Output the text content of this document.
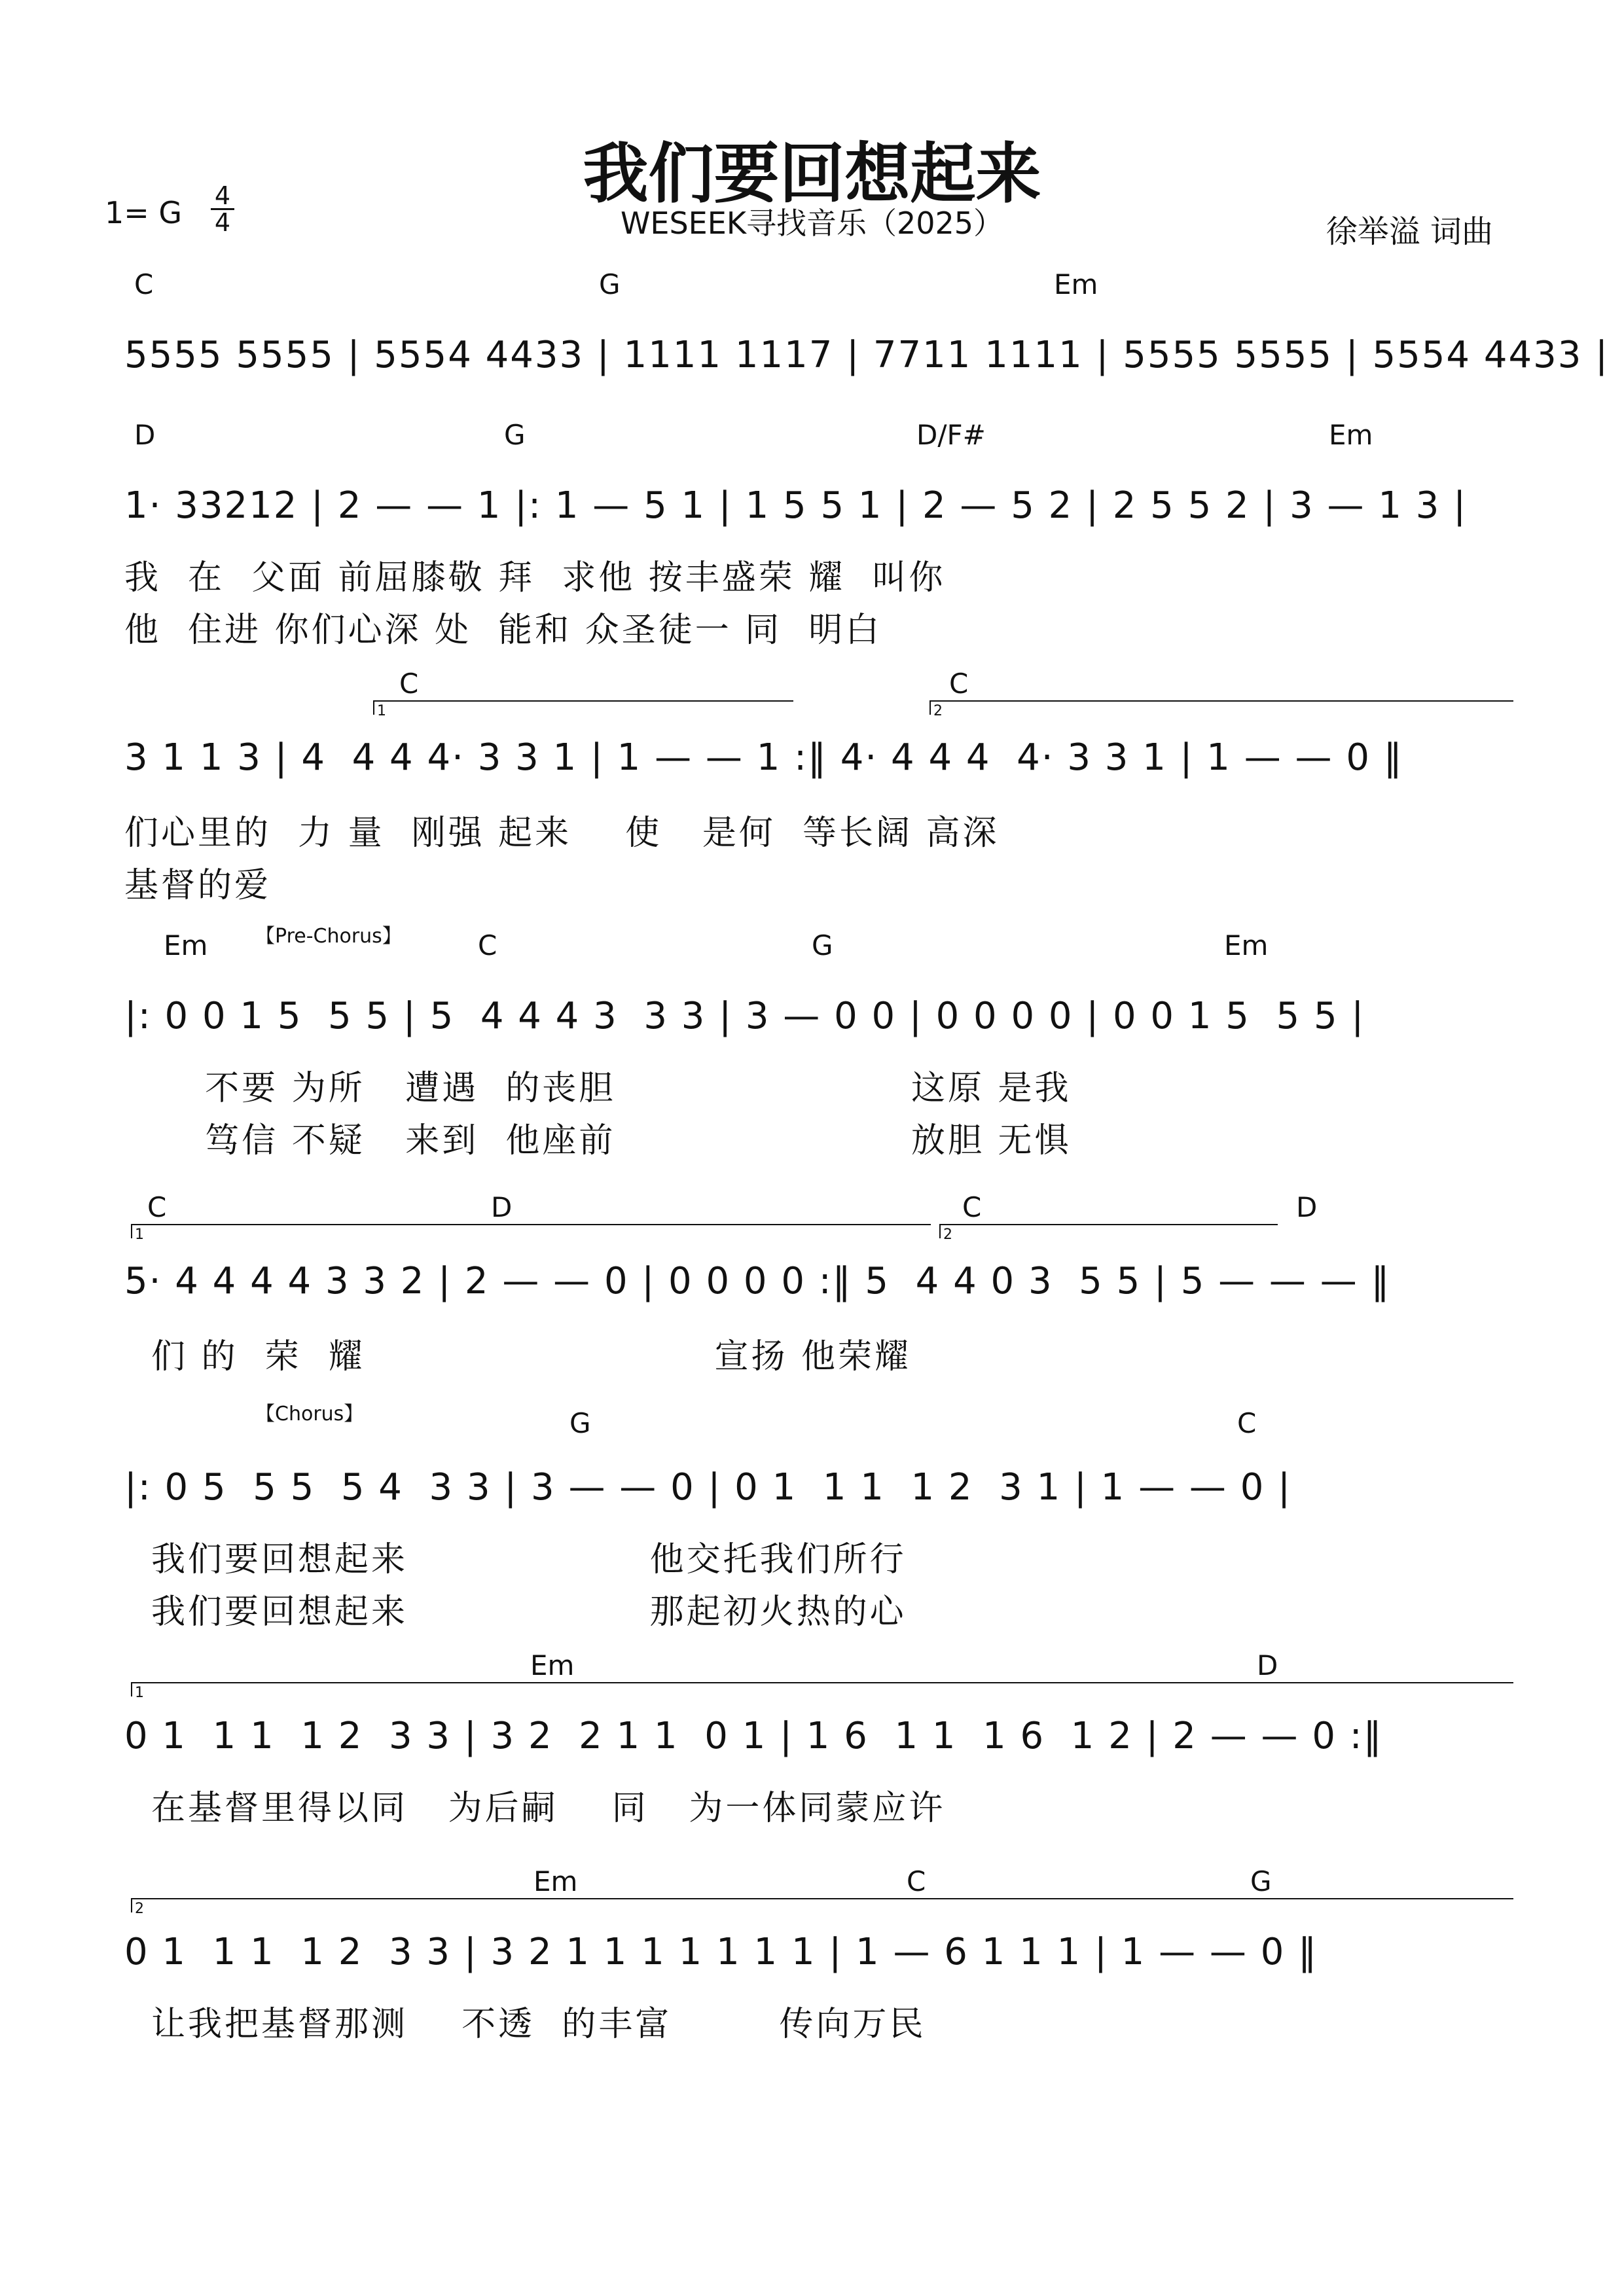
我们要回想起来
WESEEK寻找音乐（2025）
1= G 4
4	徐举溢 词曲
C	G	Em
5555 5555 | 5554 4433 | 1111 1117 | 7711 1111 | 5555 5555 | 5554 4433 |
D	G	D/F#	Em
1· 33212 | 2 — — 1 |: 1 — 5 1 | 1 5 5 1 | 2 — 5 2 | 2 5 5 2 | 3 — 1 3 |
我  在  父面 前屈膝敬 拜  求他 按丰盛荣 耀  叫你
他  住进 你们心深 处  能和 众圣徒一 同  明白
C	C
1	2
3 1 1 3 | 4  4 4 4· 3 3 1 | 1 — — 1 :‖ 4· 4 4 4  4· 3 3 1 | 1 — — 0 ‖
们心里的  力 量  刚强 起来    使   是何  等长阔 高深
基督的爱
【Pre-Chorus】
Em	C	G	Em
|: 0 0 1 5  5 5 | 5  4 4 4 3  3 3 | 3 — 0 0 | 0 0 0 0 | 0 0 1 5  5 5 |
不要 为所   遭遇  的丧胆                      这原 是我
笃信 不疑   来到  他座前                      放胆 无惧
C	D	C	D
1	2
5· 4 4 4 4 3 3 2 | 2 — — 0 | 0 0 0 0 :‖ 5  4 4 0 3  5 5 | 5 — — — ‖
们 的  荣  耀                          宣扬 他荣耀
【Chorus】	G	C
|: 0 5  5 5  5 4  3 3 | 3 — — 0 | 0 1  1 1  1 2  3 1 | 1 — — 0 |
我们要回想起来                  他交托我们所行
我们要回想起来                  那起初火热的心
Em	D
1
0 1  1 1  1 2  3 3 | 3 2  2 1 1  0 1 | 1 6  1 1  1 6  1 2 | 2 — — 0 :‖
在基督里得以同   为后嗣    同   为一体同蒙应许
Em	C	G
2
0 1  1 1  1 2  3 3 | 3 2 1 1 1 1 1 1 1 | 1 — 6 1 1 1 | 1 — — 0 ‖
让我把基督那测    不透  的丰富        传向万民
